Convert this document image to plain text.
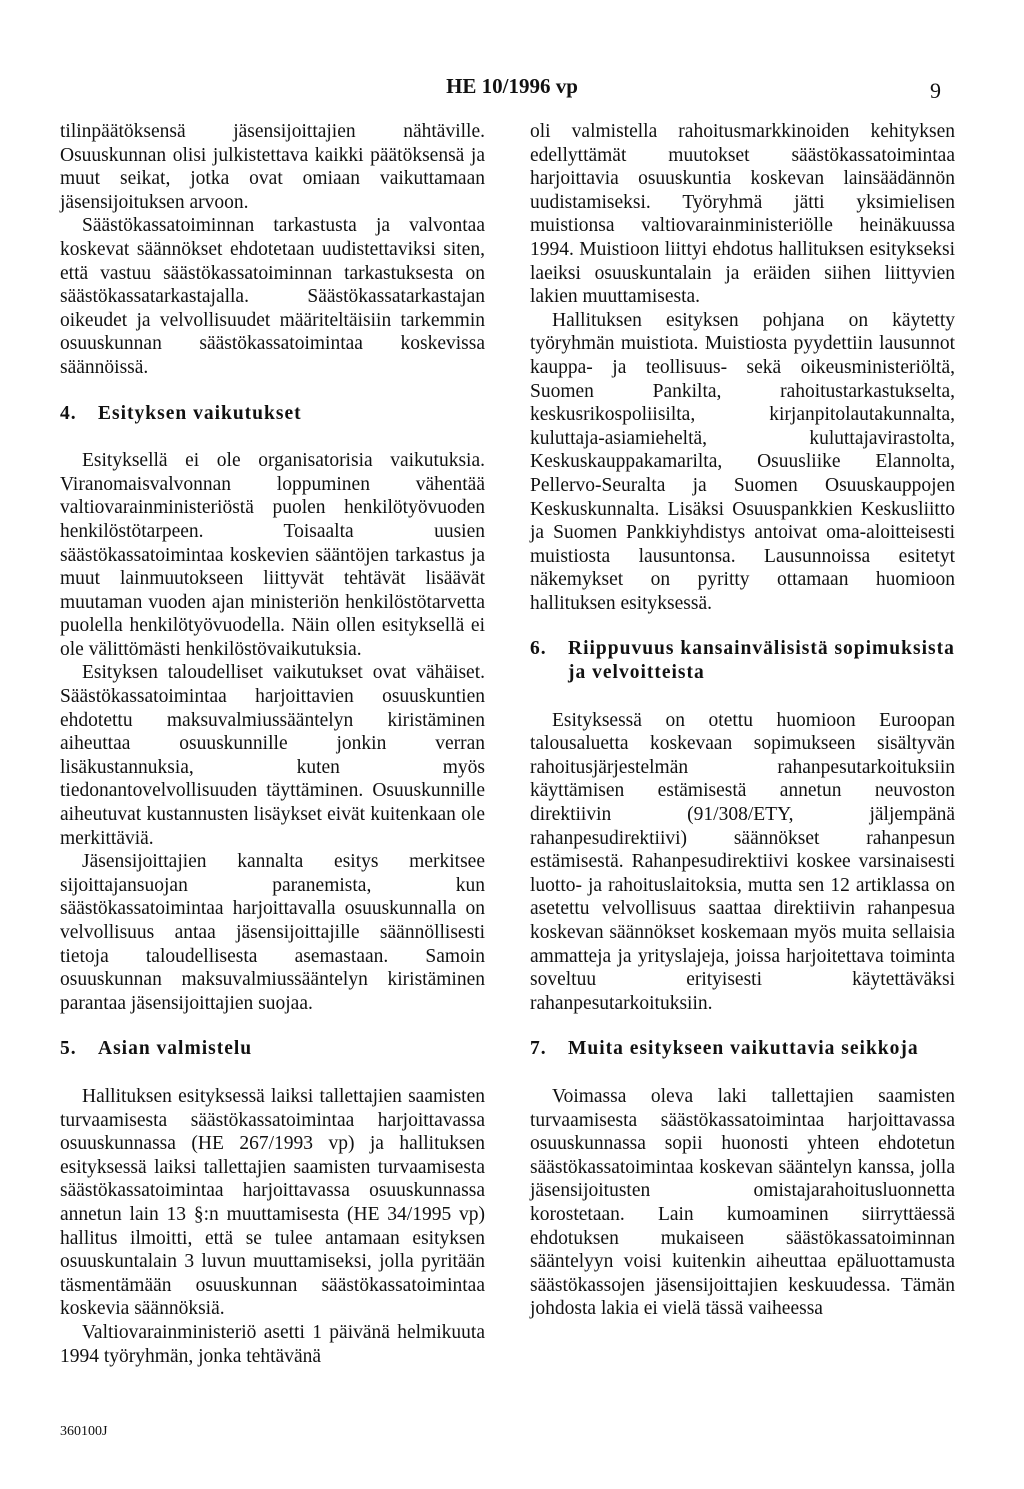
HE 10/1996 vp	9

tilinpäätöksensä jäsensijoittajien nähtäville. Osuuskunnan olisi julkistettava kaikki päätöksensä ja muut seikat, jotka ovat omiaan vaikuttamaan jäsensijoituksen arvoon.

Säästökassatoiminnan tarkastusta ja valvontaa koskevat säännökset ehdotetaan uudistettaviksi siten, että vastuu säästökassatoiminnan tarkastuksesta on säästökassatarkastajalla. Säästökassatarkastajan oikeudet ja velvollisuudet määriteltäisiin tarkemmin osuuskunnan säästökassatoimintaa koskevissa säännöissä.

4.	Esityksen vaikutukset

Esityksellä ei ole organisatorisia vaikutuksia. Viranomaisvalvonnan loppuminen vähentää valtiovarainministeriöstä puolen henkilötyövuoden henkilöstötarpeen. Toisaalta uusien säästökassatoimintaa koskevien sääntöjen tarkastus ja muut lainmuutokseen liittyvät tehtävät lisäävät muutaman vuoden ajan ministeriön henkilöstötarvetta puolella henkilötyövuodella. Näin ollen esityksellä ei ole välittömästi henkilöstövaikutuksia.

Esityksen taloudelliset vaikutukset ovat vähäiset. Säästökassatoimintaa harjoittavien osuuskuntien ehdotettu maksuvalmiussääntelyn kiristäminen aiheuttaa osuuskunnille jonkin verran lisäkustannuksia, kuten myös tiedonantovelvollisuuden täyttäminen. Osuuskunnille aiheutuvat kustannusten lisäykset eivät kuitenkaan ole merkittäviä.

Jäsensijoittajien kannalta esitys merkitsee sijoittajansuojan paranemista, kun säästökassatoimintaa harjoittavalla osuuskunnalla on velvollisuus antaa jäsensijoittajille säännöllisesti tietoja taloudellisesta asemastaan. Samoin osuuskunnan maksuvalmiussääntelyn kiristäminen parantaa jäsensijoittajien suojaa.

5.	Asian valmistelu

Hallituksen esityksessä laiksi tallettajien saamisten turvaamisesta säästökassatoimintaa harjoittavassa osuuskunnassa (HE 267/1993 vp) ja hallituksen esityksessä laiksi tallettajien saamisten turvaamisesta säästökassatoimintaa harjoittavassa osuuskunnassa annetun lain 13 §:n muuttamisesta (HE 34/1995 vp) hallitus ilmoitti, että se tulee antamaan esityksen osuuskuntalain 3 luvun muuttamiseksi, jolla pyritään täsmentämään osuuskunnan säästökassatoimintaa koskevia säännöksiä.

Valtiovarainministeriö asetti 1 päivänä helmikuuta 1994 työryhmän, jonka tehtävänä

oli valmistella rahoitusmarkkinoiden kehityksen edellyttämät muutokset säästökassatoimintaa harjoittavia osuuskuntia koskevan lainsäädännön uudistamiseksi. Työryhmä jätti yksimielisen muistionsa valtiovarainministeriölle heinäkuussa 1994. Muistioon liittyi ehdotus hallituksen esitykseksi laeiksi osuuskuntalain ja eräiden siihen liittyvien lakien muuttamisesta.

Hallituksen esityksen pohjana on käytetty työryhmän muistiota. Muistiosta pyydettiin lausunnot kauppa- ja teollisuus- sekä oikeusministeriöltä, Suomen Pankilta, rahoitustarkastukselta, keskusrikospoliisilta, kirjanpitolautakunnalta, kuluttaja-asiamieheltä, kuluttajavirastolta, Keskuskauppakamarilta, Osuusliike Elannolta, Pellervo-Seuralta ja Suomen Osuuskauppojen Keskuskunnalta. Lisäksi Osuuspankkien Keskusliitto ja Suomen Pankkiyhdistys antoivat oma-aloitteisesti muistiosta lausuntonsa. Lausunnoissa esitetyt näkemykset on pyritty ottamaan huomioon hallituksen esityksessä.

6.	Riippuvuus kansainvälisistä sopimuksista ja velvoitteista

Esityksessä on otettu huomioon Euroopan talousaluetta koskevaan sopimukseen sisältyvän rahoitusjärjestelmän rahanpesutarkoituksiin käyttämisen estämisestä annetun neuvoston direktiivin (91/308/ETY, jäljempänä rahanpesudirektiivi) säännökset rahanpesun estämisestä. Rahanpesudirektiivi koskee varsinaisesti luotto- ja rahoituslaitoksia, mutta sen 12 artiklassa on asetettu velvollisuus saattaa direktiivin rahanpesua koskevan säännökset koskemaan myös muita sellaisia ammatteja ja yrityslajeja, joissa harjoitettava toiminta soveltuu erityisesti käytettäväksi rahanpesutarkoituksiin.

7.	Muita esitykseen vaikuttavia seikkoja

Voimassa oleva laki tallettajien saamisten turvaamisesta säästökassatoimintaa harjoittavassa osuuskunnassa sopii huonosti yhteen ehdotetun säästökassatoimintaa koskevan sääntelyn kanssa, jolla jäsensijoitusten omistajarahoitusluonnetta korostetaan. Lain kumoaminen siirryttäessä ehdotuksen mukaiseen säästökassatoiminnan sääntelyyn voisi kuitenkin aiheuttaa epäluottamusta säästökassojen jäsensijoittajien keskuudessa. Tämän johdosta lakia ei vielä tässä vaiheessa

360100J
